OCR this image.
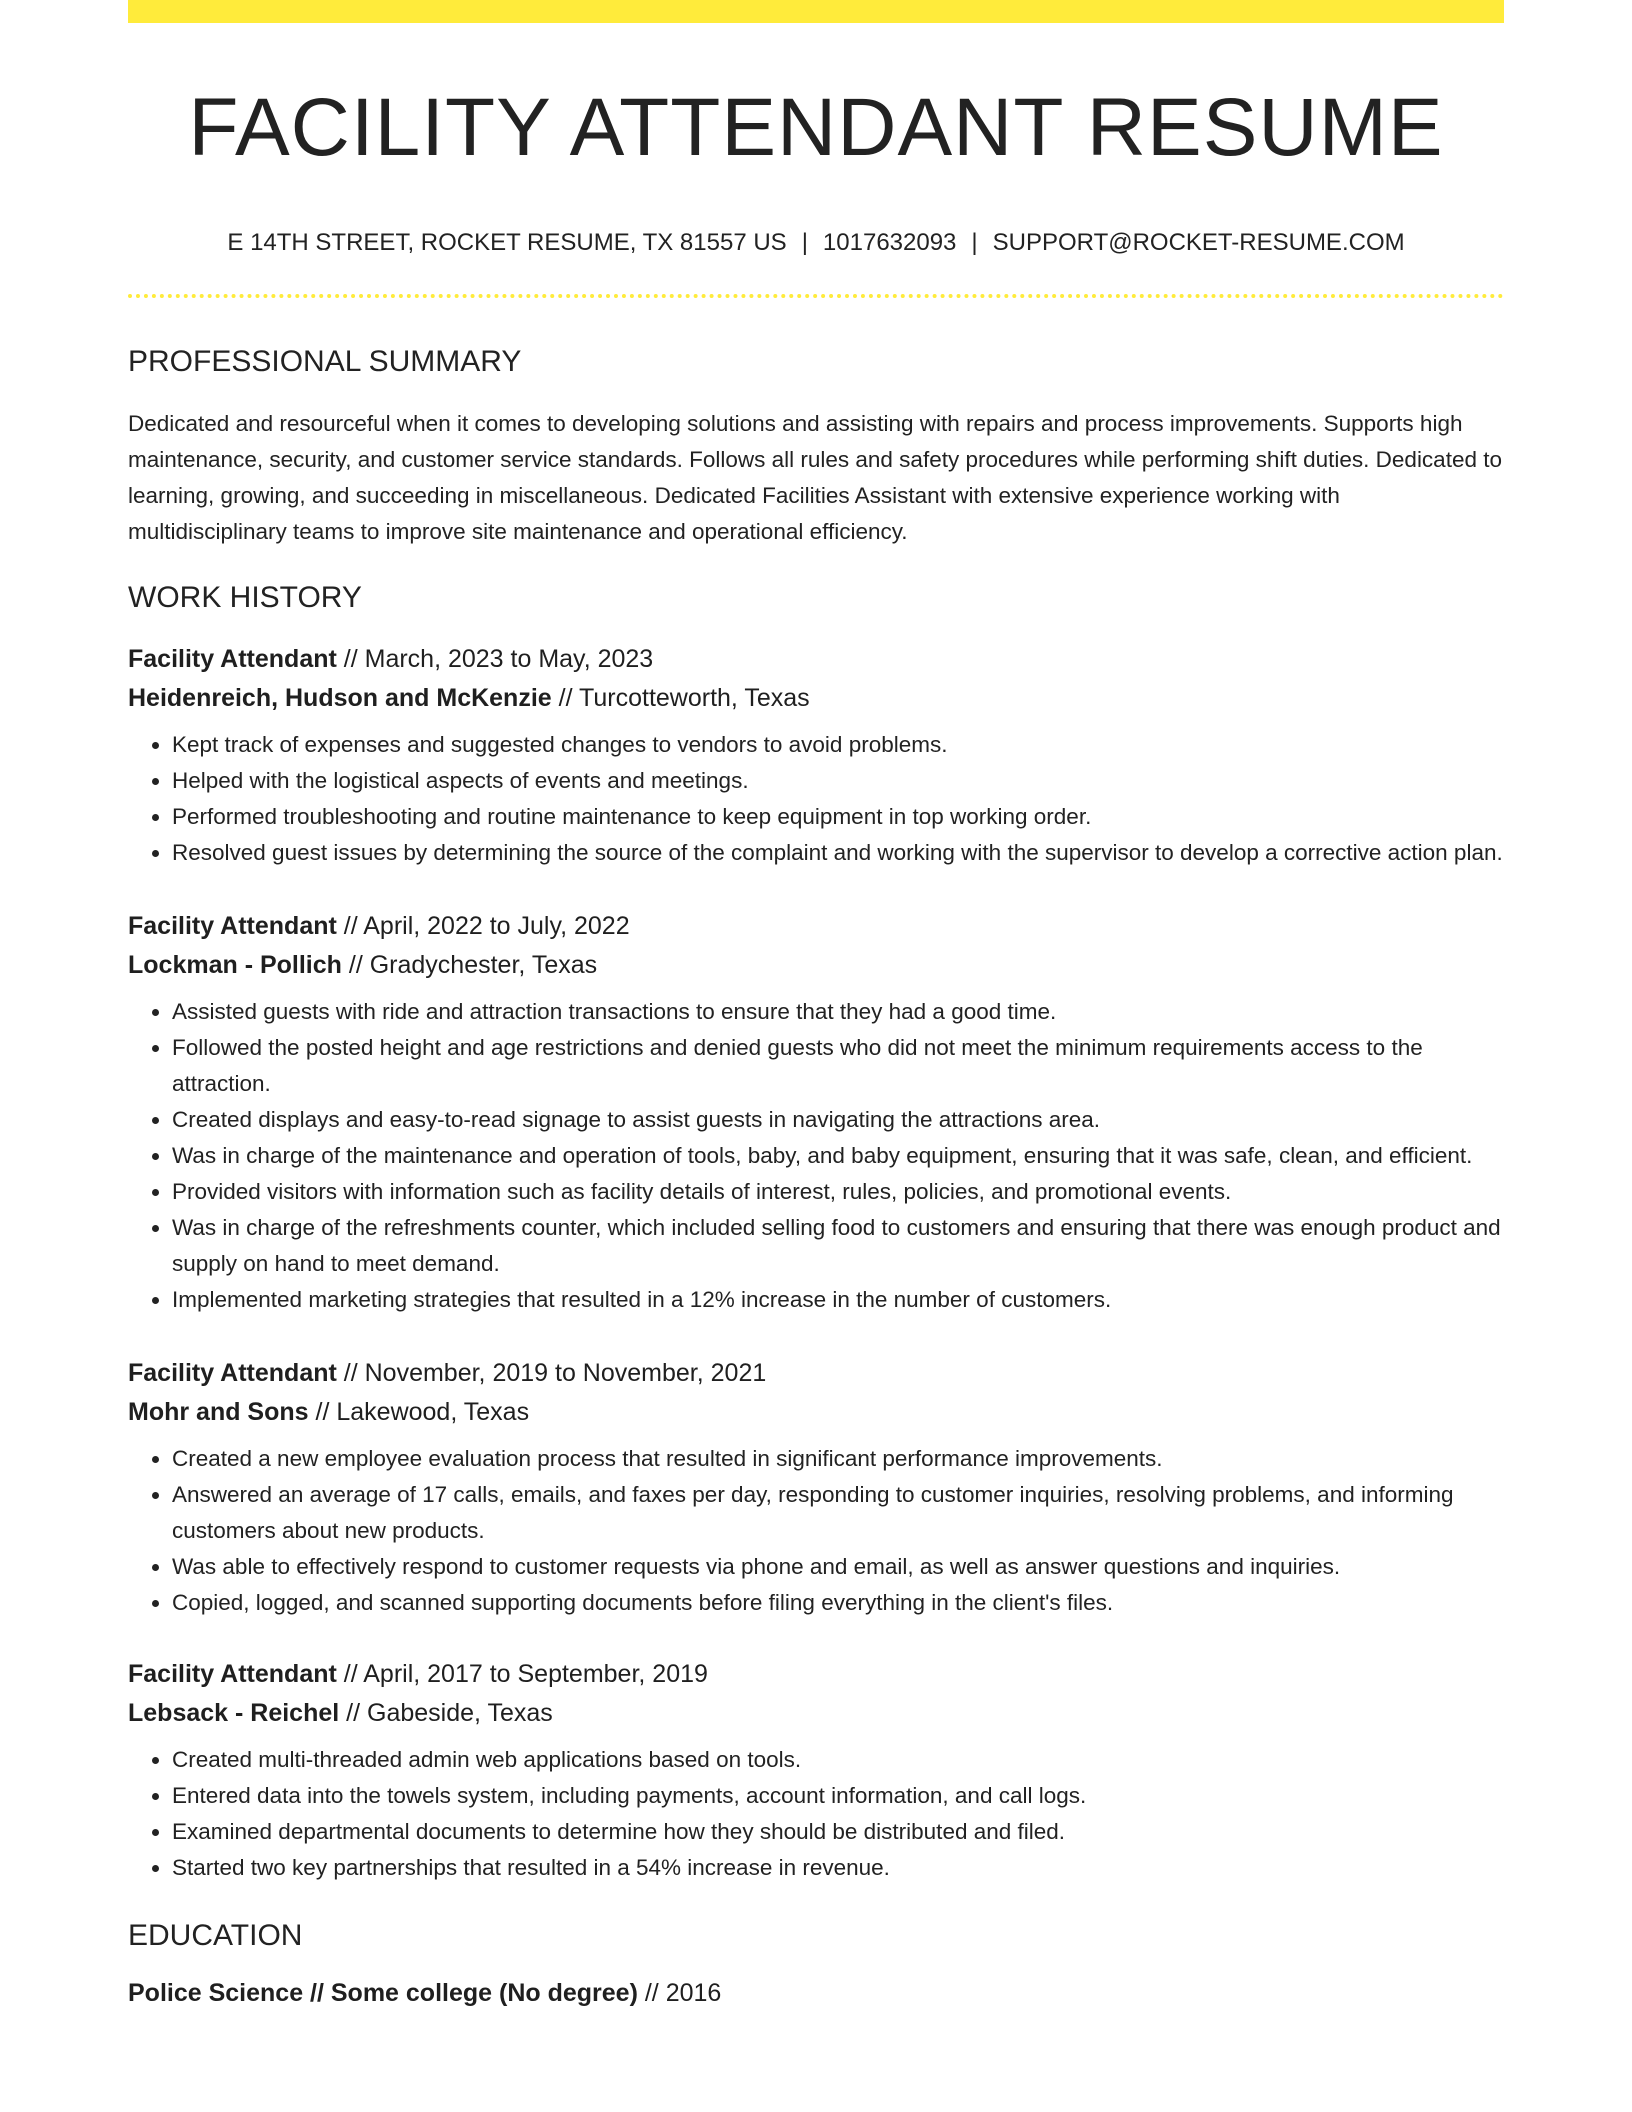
FACILITY ATTENDANT RESUME
E 14TH STREET, ROCKET RESUME, TX 81557 US | 1017632093 | SUPPORT@ROCKET-RESUME.COM
PROFESSIONAL SUMMARY

Dedicated and resourceful when it comes to developing solutions and assisting with repairs and process improvements. Supports high maintenance, security, and customer service standards. Follows all rules and safety procedures while performing shift duties. Dedicated to learning, growing, and succeeding in miscellaneous. Dedicated Facilities Assistant with extensive experience working with multidisciplinary teams to improve site maintenance and operational efficiency.

WORK HISTORY
Facility Attendant // March, 2023 to May, 2023
Heidenreich, Hudson and McKenzie // Turcotteworth, Texas
• Kept track of expenses and suggested changes to vendors to avoid problems.
• Helped with the logistical aspects of events and meetings.
• Performed troubleshooting and routine maintenance to keep equipment in top working order.
• Resolved guest issues by determining the source of the complaint and working with the supervisor to develop a corrective action plan.
Facility Attendant // April, 2022 to July, 2022
Lockman - Pollich // Gradychester, Texas
• Assisted guests with ride and attraction transactions to ensure that they had a good time.
• Followed the posted height and age restrictions and denied guests who did not meet the minimum requirements access to the attraction.
• Created displays and easy-to-read signage to assist guests in navigating the attractions area.
• Was in charge of the maintenance and operation of tools, baby, and baby equipment, ensuring that it was safe, clean, and efficient.
• Provided visitors with information such as facility details of interest, rules, policies, and promotional events.
• Was in charge of the refreshments counter, which included selling food to customers and ensuring that there was enough product and supply on hand to meet demand.
• Implemented marketing strategies that resulted in a 12% increase in the number of customers.
Facility Attendant // November, 2019 to November, 2021
Mohr and Sons // Lakewood, Texas
• Created a new employee evaluation process that resulted in significant performance improvements.
• Answered an average of 17 calls, emails, and faxes per day, responding to customer inquiries, resolving problems, and informing customers about new products.
• Was able to effectively respond to customer requests via phone and email, as well as answer questions and inquiries.
• Copied, logged, and scanned supporting documents before filing everything in the client's files.
Facility Attendant // April, 2017 to September, 2019
Lebsack - Reichel // Gabeside, Texas
• Created multi-threaded admin web applications based on tools.
• Entered data into the towels system, including payments, account information, and call logs.
• Examined departmental documents to determine how they should be distributed and filed.
• Started two key partnerships that resulted in a 54% increase in revenue.
EDUCATION
Police Science // Some college (No degree) // 2016
